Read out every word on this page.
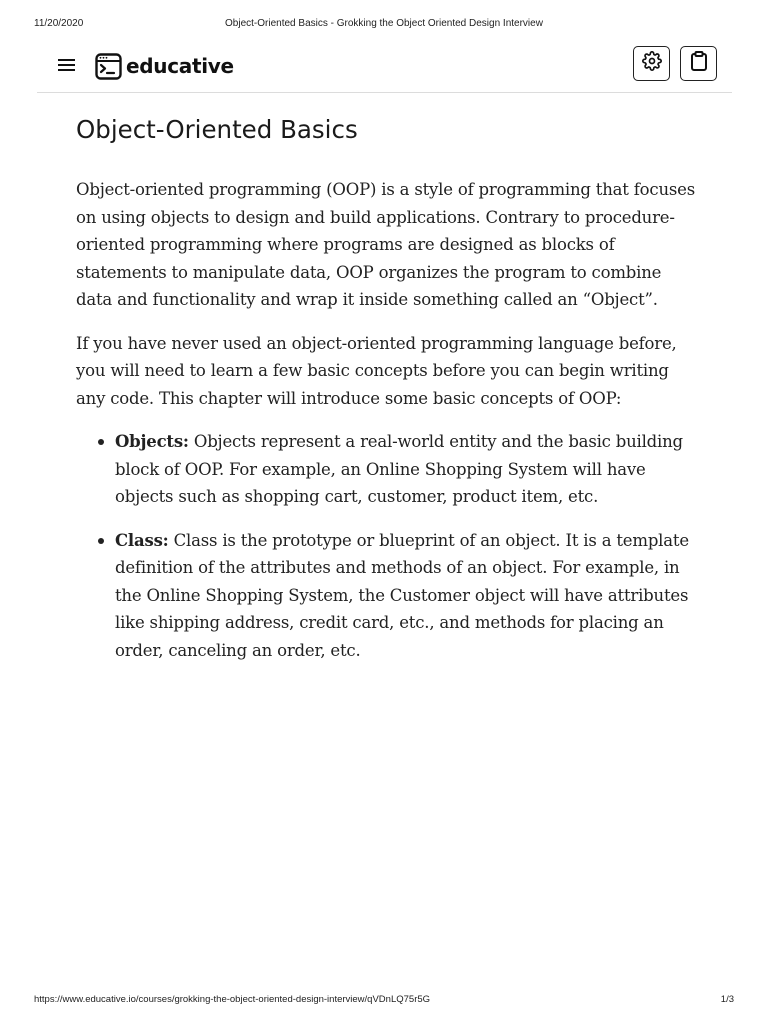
11/20/2020	Object-Oriented Basics - Grokking the Object Oriented Design Interview
educative
Object-Oriented Basics

Object-oriented programming (OOP) is a style of programming that focuses on using objects to design and build applications. Contrary to procedure-oriented programming where programs are designed as blocks of statements to manipulate data, OOP organizes the program to combine data and functionality and wrap it inside something called an “Object”.

If you have never used an object-oriented programming language before, you will need to learn a few basic concepts before you can begin writing any code. This chapter will introduce some basic concepts of OOP:

Objects: Objects represent a real-world entity and the basic building block of OOP. For example, an Online Shopping System will have objects such as shopping cart, customer, product item, etc.
Class: Class is the prototype or blueprint of an object. It is a template definition of the attributes and methods of an object. For example, in the Online Shopping System, the Customer object will have attributes like shipping address, credit card, etc., and methods for placing an order, canceling an order, etc.
https://www.educative.io/courses/grokking-the-object-oriented-design-interview/qVDnLQ75r5G	1/3
